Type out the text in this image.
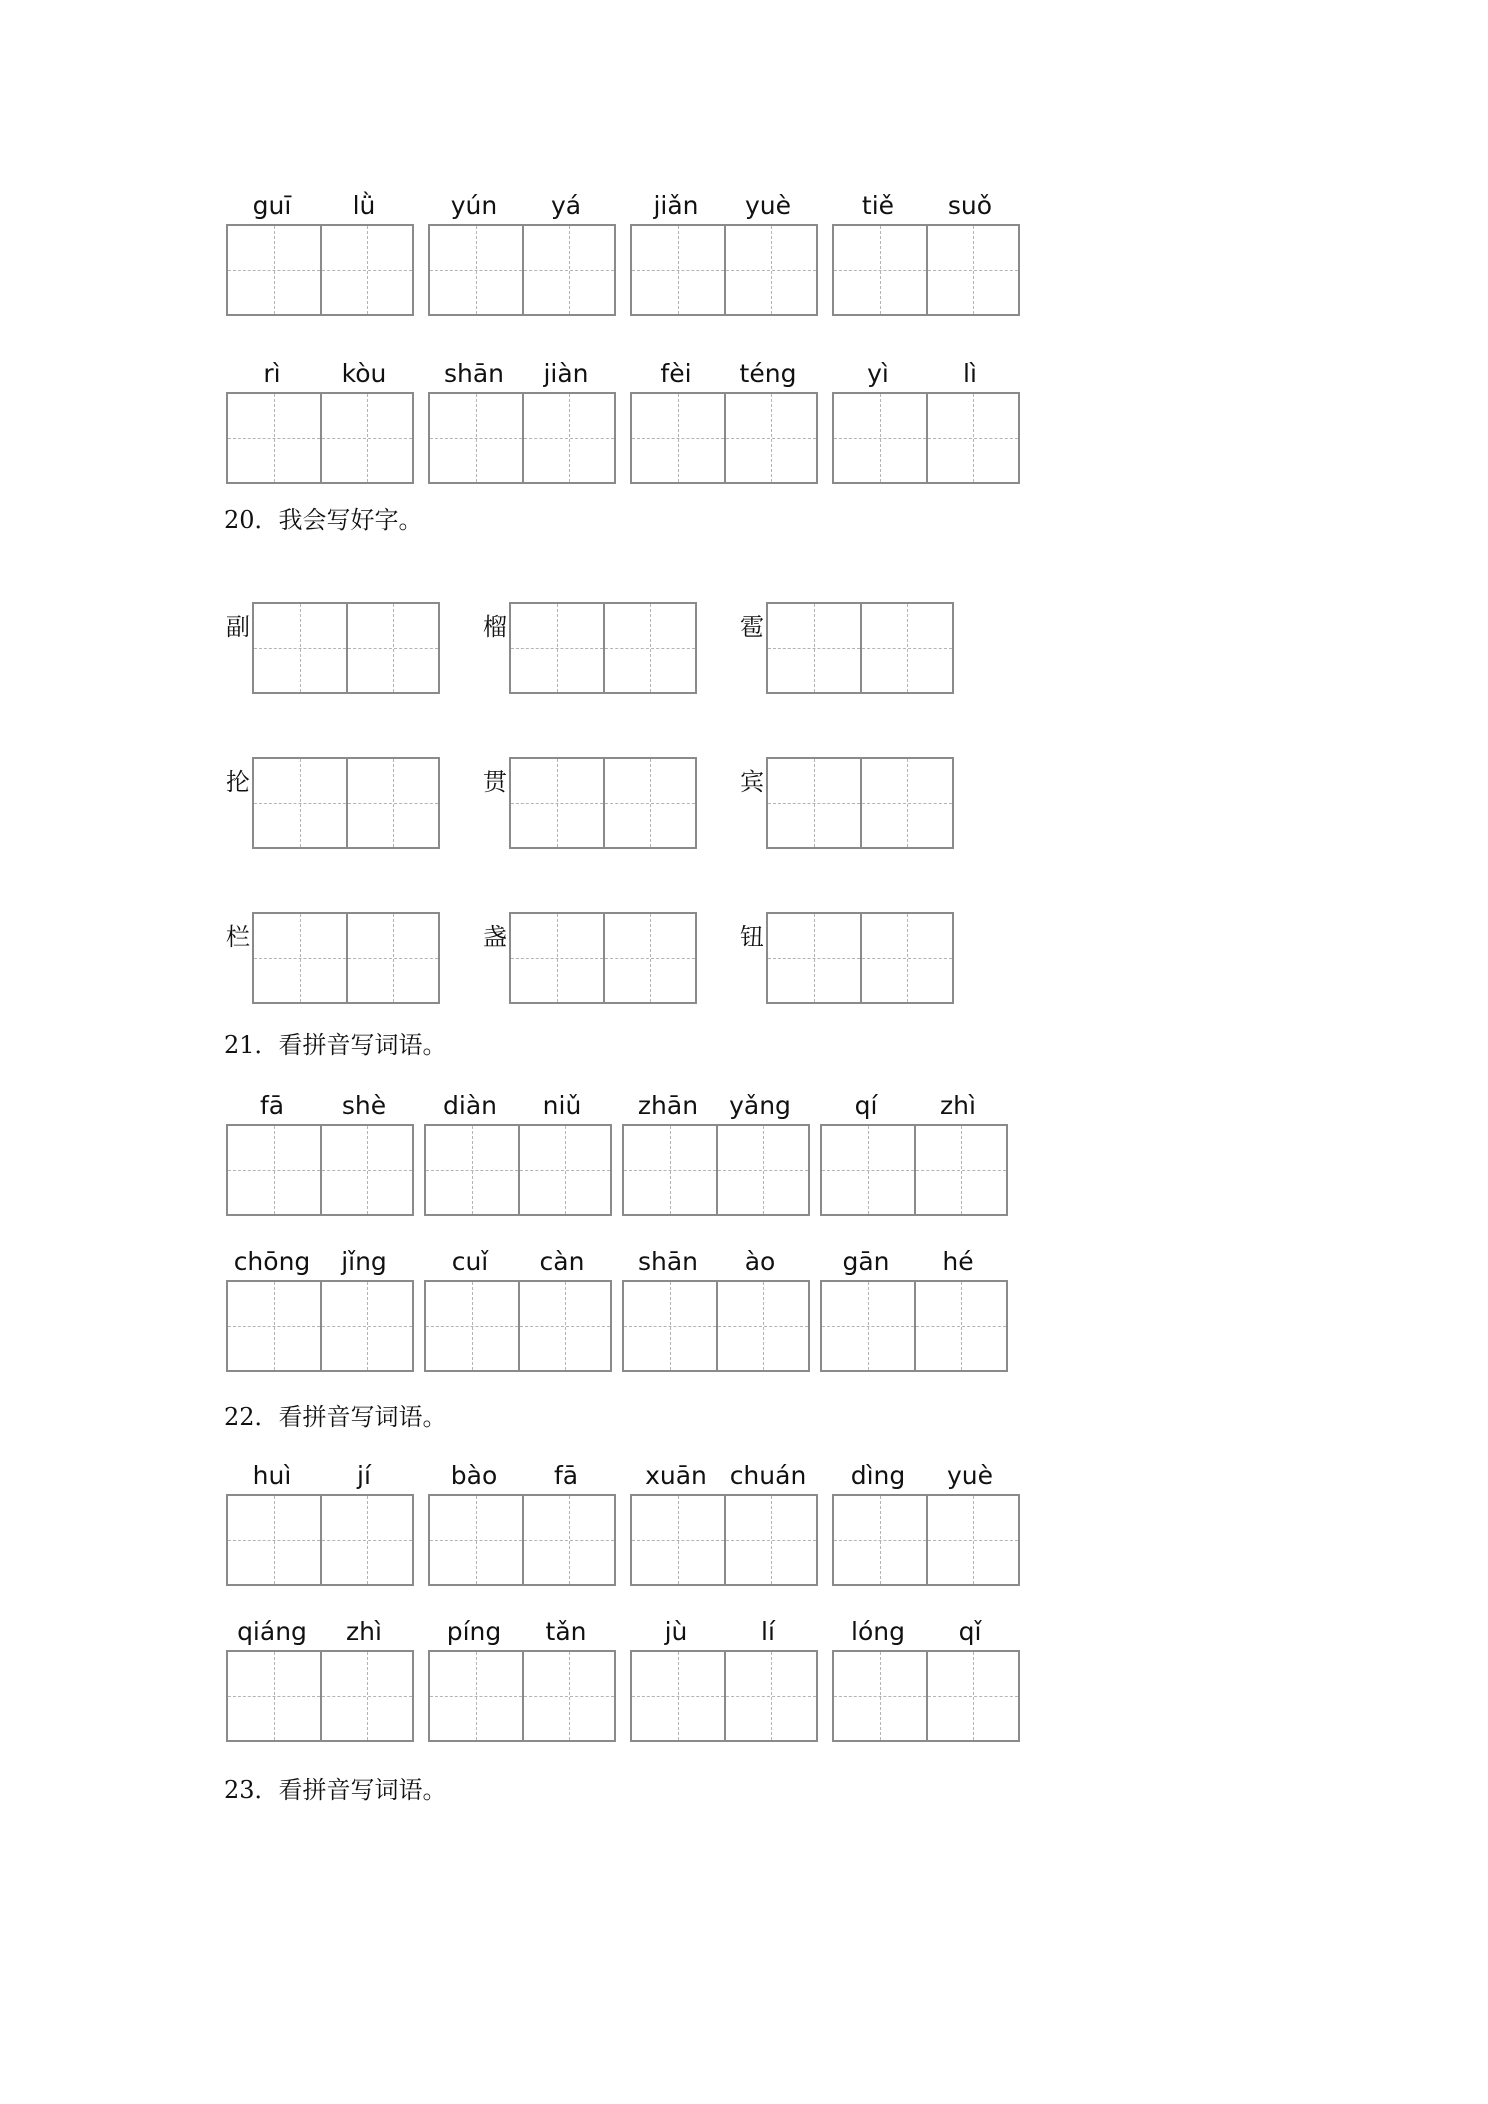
20．我会写好字。
21．看拼音写词语。
22．看拼音写词语。
23．看拼音写词语。
guī	lǜ	yún	yá	jiǎn	yuè	tiě	suǒ
rì	kòu	shān	jiàn	fèi	téng	yì	lì
副	榴	雹
抡	贯	宾
栏	盏	钮
fā	shè	diàn	niǔ	zhān	yǎng	qí	zhì
chōng	jǐng	cuǐ	càn	shān	ào	gān	hé
huì	jí	bào	fā	xuān chuán	dìng	yuè
qiáng	zhì	píng	tǎn	jù	lí	lóng	qǐ
